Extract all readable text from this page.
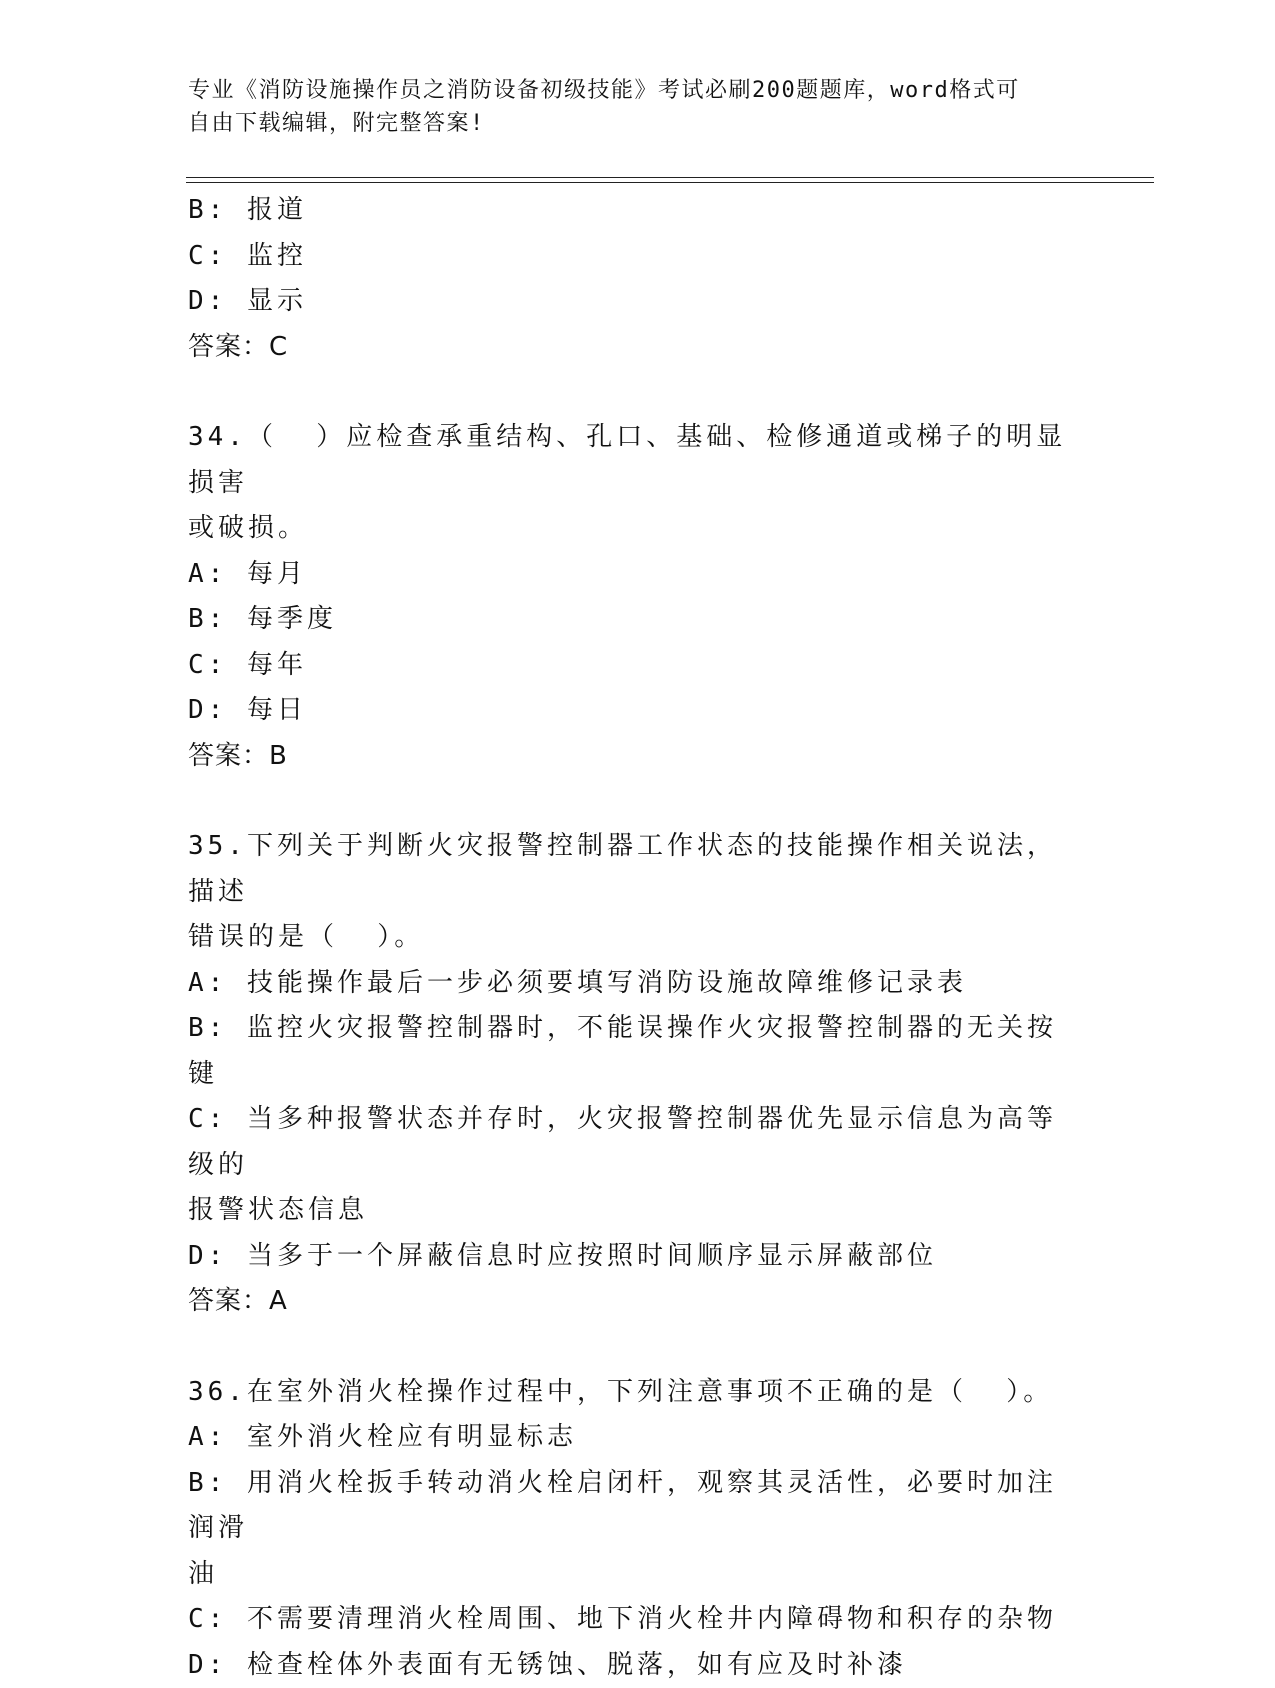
专业《消防设施操作员之消防设备初级技能》考试必刷200题题库，word格式可
自由下载编辑，附完整答案!
B: 报道
C: 监控
D: 显示
答案：C
34.（  ）应检查承重结构、孔口、基础、检修通道或梯子的明显损害
或破损。
A: 每月
B: 每季度
C: 每年
D: 每日
答案：B
35.下列关于判断火灾报警控制器工作状态的技能操作相关说法，描述
错误的是（  ）。
A: 技能操作最后一步必须要填写消防设施故障维修记录表
B: 监控火灾报警控制器时，不能误操作火灾报警控制器的无关按键
C: 当多种报警状态并存时，火灾报警控制器优先显示信息为高等级的
报警状态信息
D: 当多于一个屏蔽信息时应按照时间顺序显示屏蔽部位
答案：A
36.在室外消火栓操作过程中，下列注意事项不正确的是（  ）。
A: 室外消火栓应有明显标志
B: 用消火栓扳手转动消火栓启闭杆，观察其灵活性，必要时加注润滑
油
C: 不需要清理消火栓周围、地下消火栓井内障碍物和积存的杂物
D: 检查栓体外表面有无锈蚀、脱落，如有应及时补漆
